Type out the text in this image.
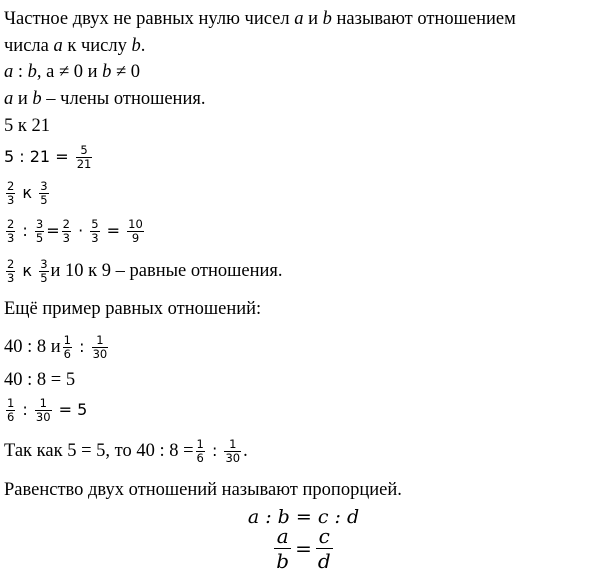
Частное двух не равных нулю чисел a и b называют отношением
числа a к числу b.
a : b, a ≠ 0 и b ≠ 0
a и b – члены отношения.
5 к 21
5 : $21 = \frac{5}{21}$
$\frac{2}{3}$ к $\frac{3}{5}$
$\frac{2}{3}$ : $\frac{3}{5} = \frac{2}{3} \cdot \frac{5}{3} = \frac{10}{9}$
$\frac{2}{3}$ к $\frac{3}{5}$ и 10 к 9 – равные отношения.
Ещё пример равных отношений:
40 : 8 и $\frac{1}{6}$ : $\frac{1}{30}$
40 : 8 = 5
$\frac{1}{6}$ : $\frac{1}{30} = 5$
Так как 5 = 5, то 40 : $8 = \frac{1}{6}$ : $\frac{1}{30}$ .
Равенство двух отношений называют пропорцией.
a : b = c : d
$\frac{a}{b} = \frac{c}{d}$
